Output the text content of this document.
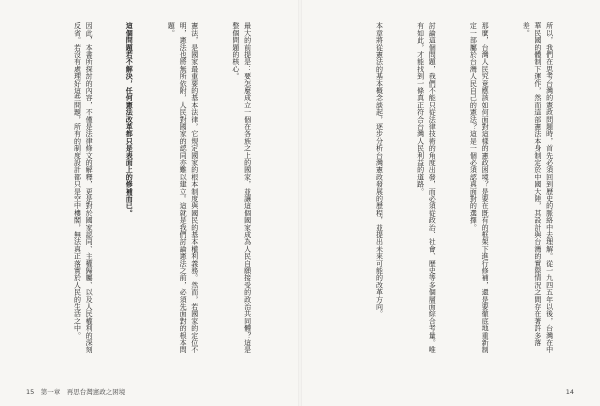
最大的前提是：要怎麼成立一個在各族之上的國家，並讓這個國家成為人民自願接受的政治共同體？這是整個問題的核心。

憲法，是國家最重要的基本法律，它規定國家的根本制度與國民的基本權利義務。然而，若國家的定位不明，憲法也將無所依附，人民對國家的認同亦難以建立。這就是我們討論憲法之前，必須先面對的根本問題。

這個問題若不解決，任何憲法改革都只是表面上的修補而已。

因此，本書所探討的內容，不僅是法律條文的解釋，更是對於國家認同、主權歸屬、以及人民權利的深刻反省。若沒有處理好這些問題，所有的制度設計都只是空中樓閣，無法真正落實於人民的生活之中。

15　第一章　再思台灣憲政之困境

所以，我們在思考台灣的憲政問題時，首先必須回到歷史的脈絡中去理解。從一九四五年以後，台灣在中華民國的體制下運作，然而這部憲法本身制定於中國大陸，其設計與台灣的實際情況之間存在著許多落差。

那麼，台灣人民究竟應該如何面對這樣的憲政困境？是要在既有的框架下進行修補，還是要徹底地重新制定一部屬於台灣人民自己的憲法？這是一個必須認真面對的選擇。

討論這個問題，我們不能只從法律技術的角度出發，而必須從政治、社會、歷史等多個層面綜合考量。唯有如此，才能找到一條真正符合台灣人民利益的道路。

本章將從憲法的基本概念談起，逐步分析台灣憲政發展的歷程，並提出未來可能的改革方向。

14
